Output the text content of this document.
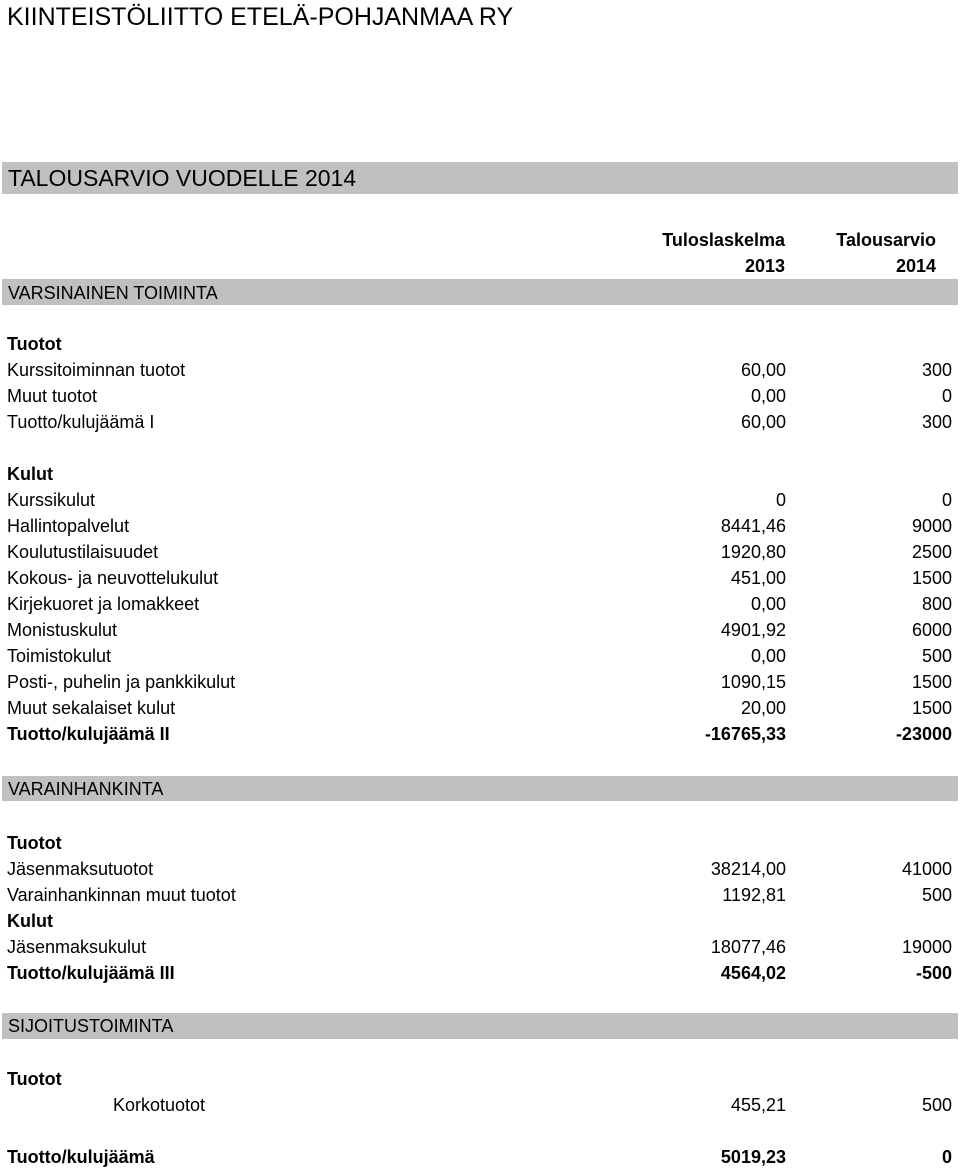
KIINTEISTÖLIITTO ETELÄ-POHJANMAA RY
TALOUSARVIO VUODELLE 2014
Tuloslaskelma
2013
Talousarvio
2014
VARSINAINEN TOIMINTA
VARAINHANKINTA
SIJOITUSTOIMINTA
Tuotot
Kurssitoiminnan tuotot	60,00	300
Muut tuotot	0,00	0
Tuotto/kulujäämä I	60,00	300
Kulut
Kurssikulut	0	0
Hallintopalvelut	8441,46	9000
Koulutustilaisuudet	1920,80	2500
Kokous- ja neuvottelukulut	451,00	1500
Kirjekuoret ja lomakkeet	0,00	800
Monistuskulut	4901,92	6000
Toimistokulut	0,00	500
Posti-, puhelin ja pankkikulut	1090,15	1500
Muut sekalaiset kulut	20,00	1500
Tuotto/kulujäämä II	-16765,33	-23000
Tuotot
Jäsenmaksutuotot	38214,00	41000
Varainhankinnan muut tuotot	1192,81	500
Kulut
Jäsenmaksukulut	18077,46	19000
Tuotto/kulujäämä III	4564,02	-500
Tuotot
Korkotuotot	455,21	500
Tuotto/kulujäämä	5019,23	0
